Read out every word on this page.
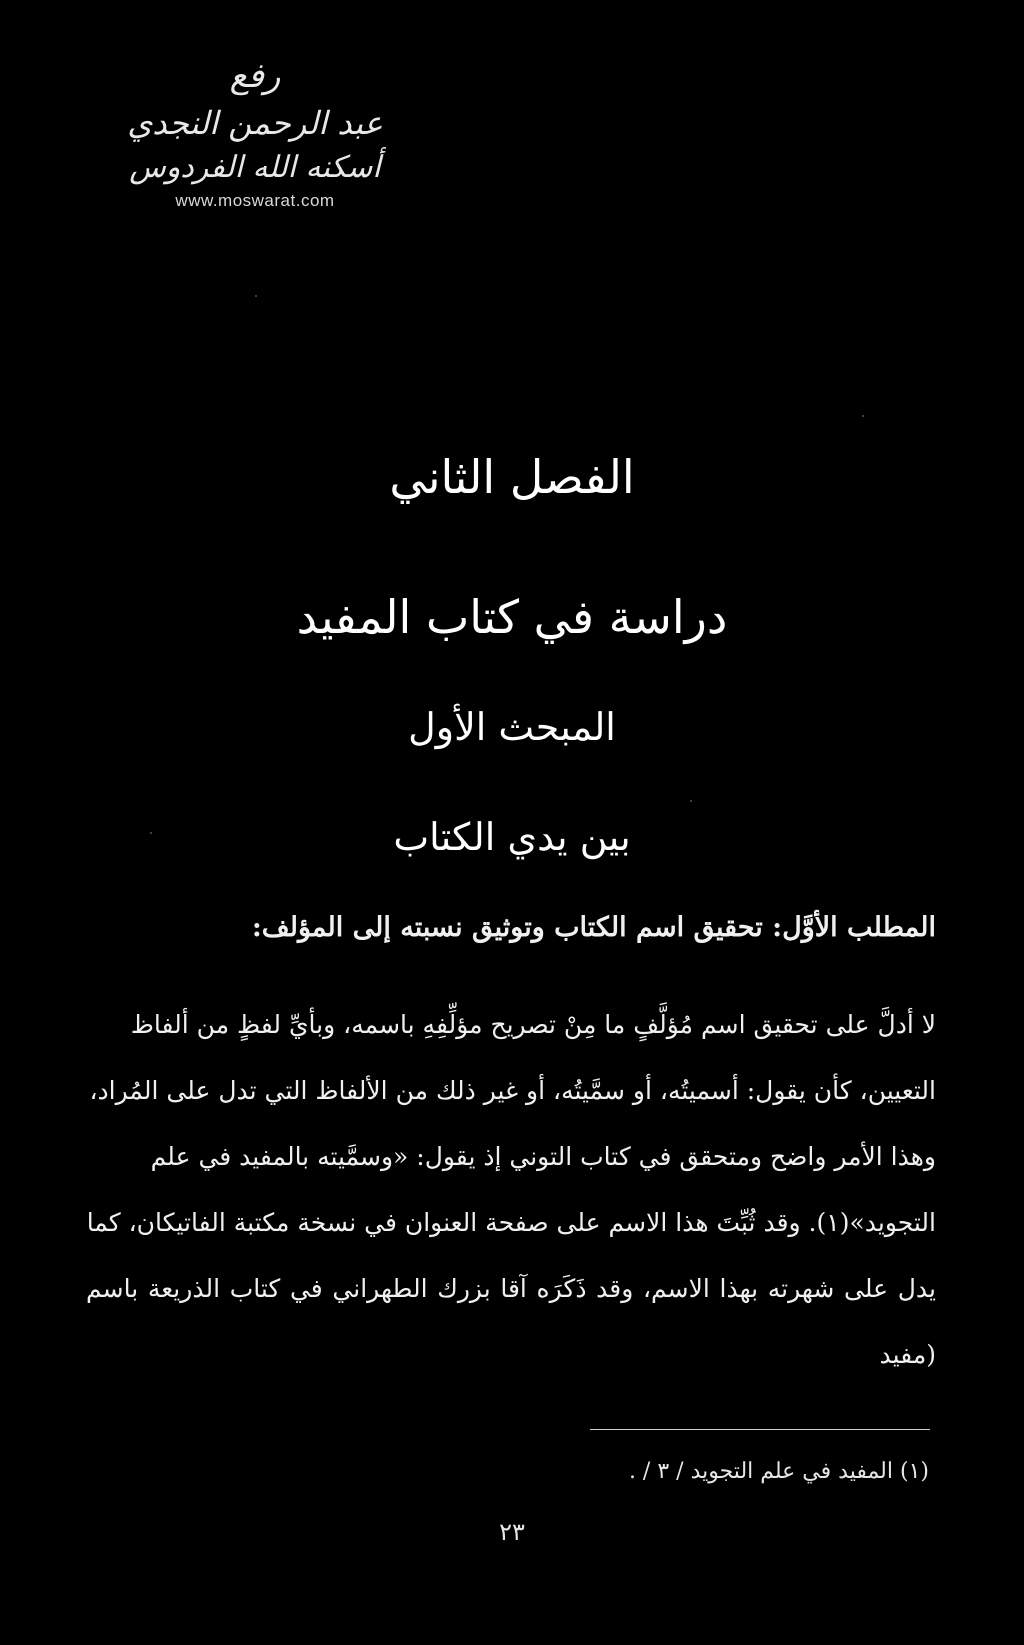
رفع
عبد الرحمن النجدي
أسكنه الله الفردوس
www.moswarat.com
الفصل الثاني
دراسة في كتاب المفيد
المبحث الأول
بين يدي الكتاب
المطلب الأوَّل: تحقيق اسم الكتاب وتوثيق نسبته إلى المؤلف:

لا أدلَّ على تحقيق اسم مُؤلَّفٍ ما مِنْ تصريح مؤلِّفِهِ باسمه، وبأيِّ لفظٍ من ألفاظ

التعيين، كأن يقول: أسميتُه، أو سمَّيتُه، أو غير ذلك من الألفاظ التي تدل على المُراد،

وهذا الأمر واضح ومتحقق في كتاب التوني إذ يقول: «وسمَّيته بالمفيد في علم

التجويد»(١). وقد ثُبِّتَ هذا الاسم على صفحة العنوان في نسخة مكتبة الفاتيكان، كما

يدل على شهرته بهذا الاسم، وقد ذَكَرَه آقا بزرك الطهراني في كتاب الذريعة باسم (مفيد

(١) المفيد في علم التجويد / ٣ / .
٢٣
